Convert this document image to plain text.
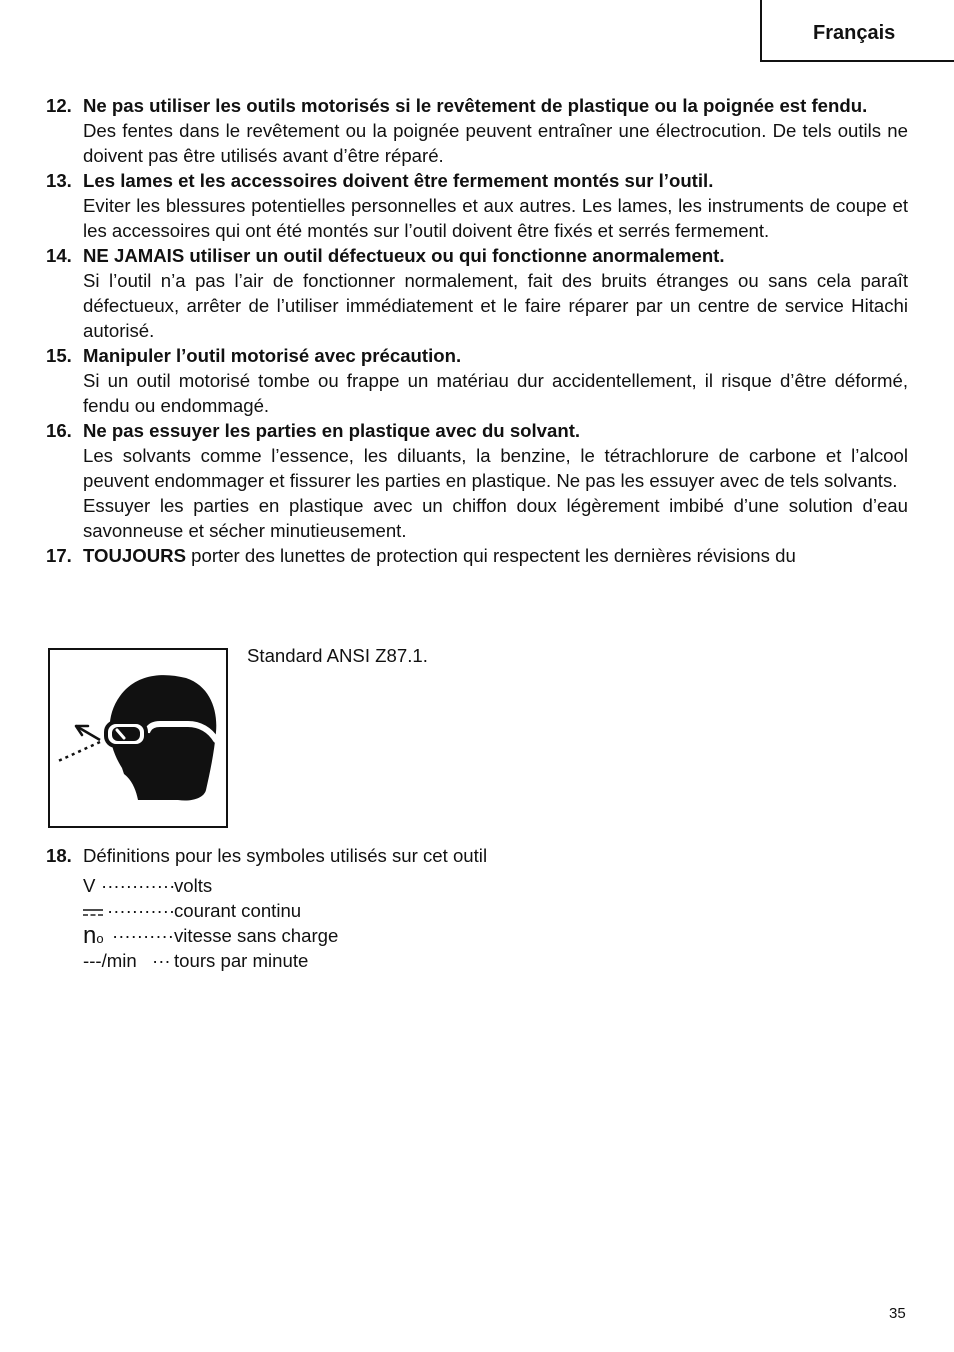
Français
12. Ne pas utiliser les outils motorisés si le revêtement de plastique ou la poignée est fendu.
Des fentes dans le revêtement ou la poignée peuvent entraîner une électrocution. De tels outils ne doivent pas être utilisés avant d’être réparé.
13. Les lames et les accessoires doivent être fermement montés sur l’outil.
Eviter les blessures potentielles personnelles et aux autres. Les lames, les instruments de coupe et les accessoires qui ont été montés sur l’outil doivent être fixés et serrés fermement.
14. NE JAMAIS utiliser un outil défectueux ou qui fonctionne anormalement.
Si l’outil n’a pas l’air de fonctionner normalement, fait des bruits étranges ou sans cela paraît défectueux, arrêter de l’utiliser immédiatement et le faire réparer par un centre de service Hitachi autorisé.
15. Manipuler l’outil motorisé avec précaution.
Si un outil motorisé tombe ou frappe un matériau dur accidentellement, il risque d’être déformé, fendu ou endommagé.
16. Ne pas essuyer les parties en plastique avec du solvant.
Les solvants comme l’essence, les diluants, la benzine, le tétrachlorure de carbone et l’alcool peuvent endommager et fissurer les parties en plastique. Ne pas les essuyer avec de tels solvants.
Essuyer les parties en plastique avec un chiffon doux légèrement imbibé d’une solution d’eau savonneuse et sécher minutieusement.
17. TOUJOURS porter des lunettes de protection qui respectent les dernières révisions du
Standard ANSI Z87.1.
18. Définitions pour les symboles utilisés sur cet outil
V ············
volts
···········
courant continu
no ·········· vitesse sans charge
---/min ··· tours par minute
35
